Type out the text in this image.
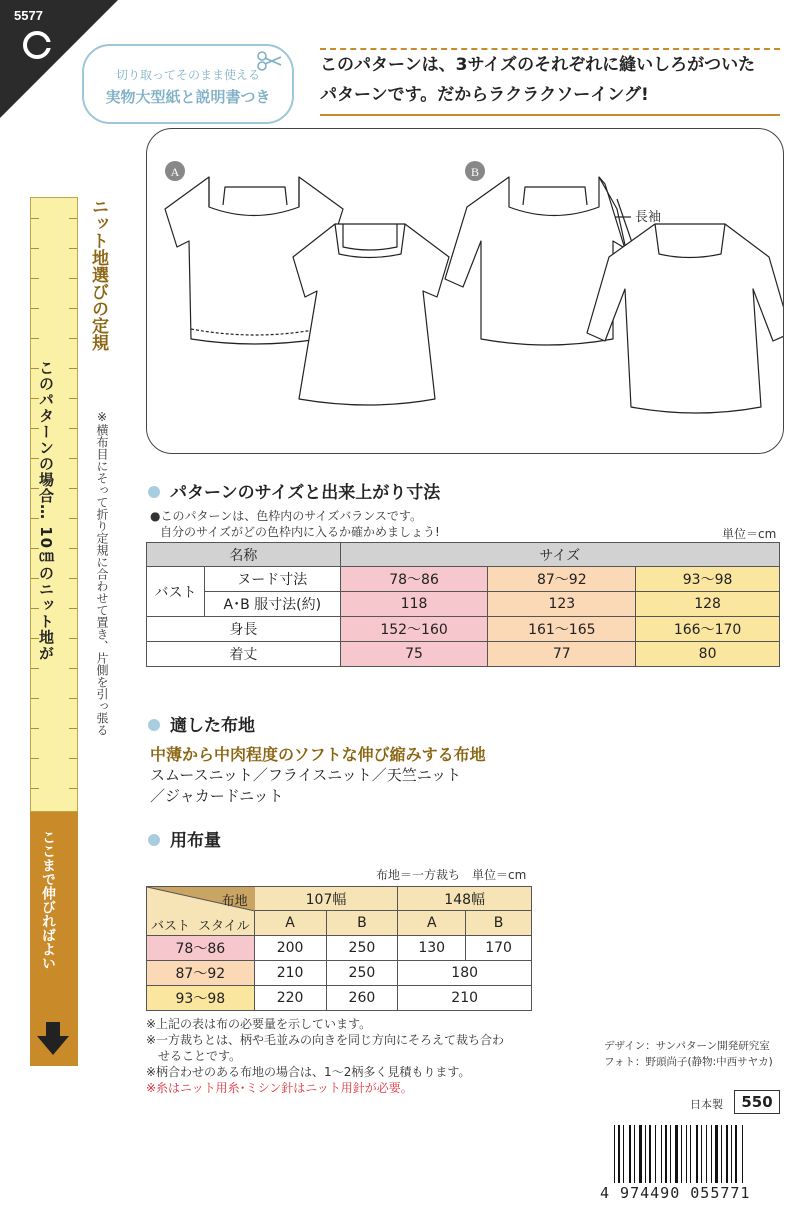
5577
切り取ってそのまま使える
実物大型紙と説明書つき
このパターンは、3サイズのそれぞれに縫いしろがついた
パターンです。だからラクラクソーイング!
このパターンの場合… 10㎝のニット地が
ここまで伸びればよい
ニット地選びの定規
※横布目にそって折り定規に合わせて置き、片側を引っ張る
A	B
長袖
パターンのサイズと出来上がり寸法
●このパターンは、色枠内のサイズバランスです。
自分のサイズがどの色枠内に入るか確かめましょう!	単位＝cm
名称		サイズ		
バスト	ヌード寸法	78〜86	87〜92	93〜98
	A･B 服寸法(約)	118	123	128
身長		152〜160	161〜165	166〜170
着丈		75	77	80
適した布地
中薄から中肉程度のソフトな伸び縮みする布地
スムースニット／フライスニット／天竺ニット
／ジャカードニット
用布量
布地＝一方裁ち　単位＝cm
布地
スタイル
バスト	107幅		148幅	
	A	B	A	B
78〜86	200	250	130	170
87〜92	210	250	180	
93〜98	220	260	210	
※上記の表は布の必要量を示しています。
※一方裁ちとは、柄や毛並みの向きを同じ方向にそろえて裁ち合わ
　せることです。
※柄合わせのある布地の場合は、1〜2柄多く見積もります。
※糸はニット用糸･ミシン針はニット用針が必要。
デザイン：サンパターン開発研究室
フォト：野頭尚子(静物:中西サヤカ)
日本製	550
4 974490 055771
